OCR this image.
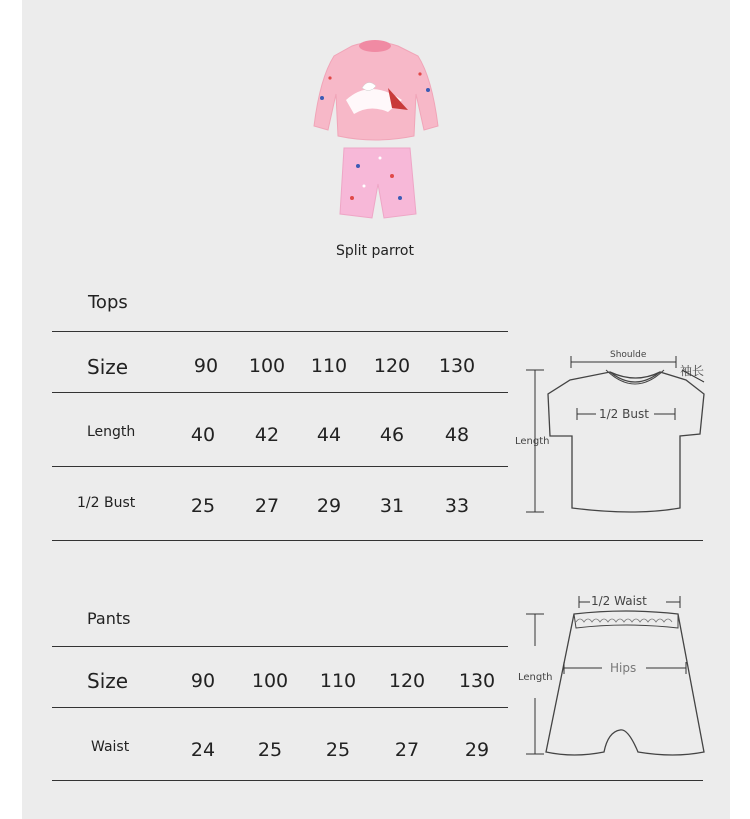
Split parrot
Tops
Size	90	100	110	120	130
Length	40	42	44	46	48
1/2 Bust	25	27	29	31	33
Shoulde
袖长
1/2 Bust
Length
Pants
Size	90	100	110	120	130
Waist	24	25	25	27	29
1/2 Waist
Hips
Length
